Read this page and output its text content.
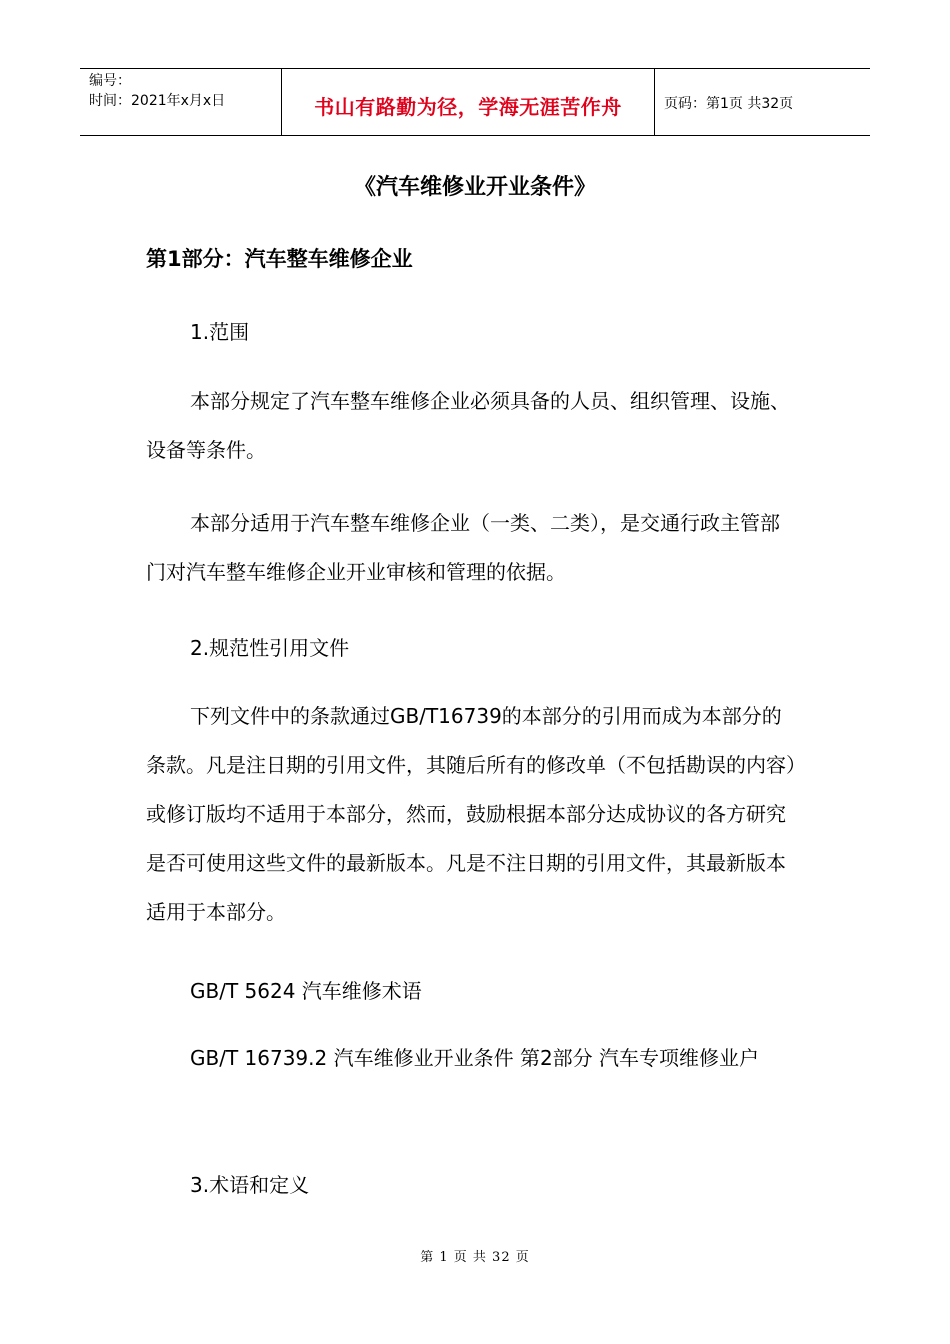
编号：
时间：2021年x月x日	书山有路勤为径，学海无涯苦作舟	页码：第1页 共32页
《汽车维修业开业条件》
第1部分：汽车整车维修企业
1.范围
本部分规定了汽车整车维修企业必须具备的人员、组织管理、设施、设备等条件。
本部分适用于汽车整车维修企业（一类、二类），是交通行政主管部门对汽车整车维修企业开业审核和管理的依据。
2.规范性引用文件
下列文件中的条款通过GB/T16739的本部分的引用而成为本部分的条款。凡是注日期的引用文件，其随后所有的修改单（不包括勘误的内容）或修订版均不适用于本部分，然而，鼓励根据本部分达成协议的各方研究是否可使用这些文件的最新版本。凡是不注日期的引用文件，其最新版本适用于本部分。
GB/T 5624 汽车维修术语
GB/T 16739.2 汽车维修业开业条件 第2部分 汽车专项维修业户
3.术语和定义
第 1 页 共 32 页
